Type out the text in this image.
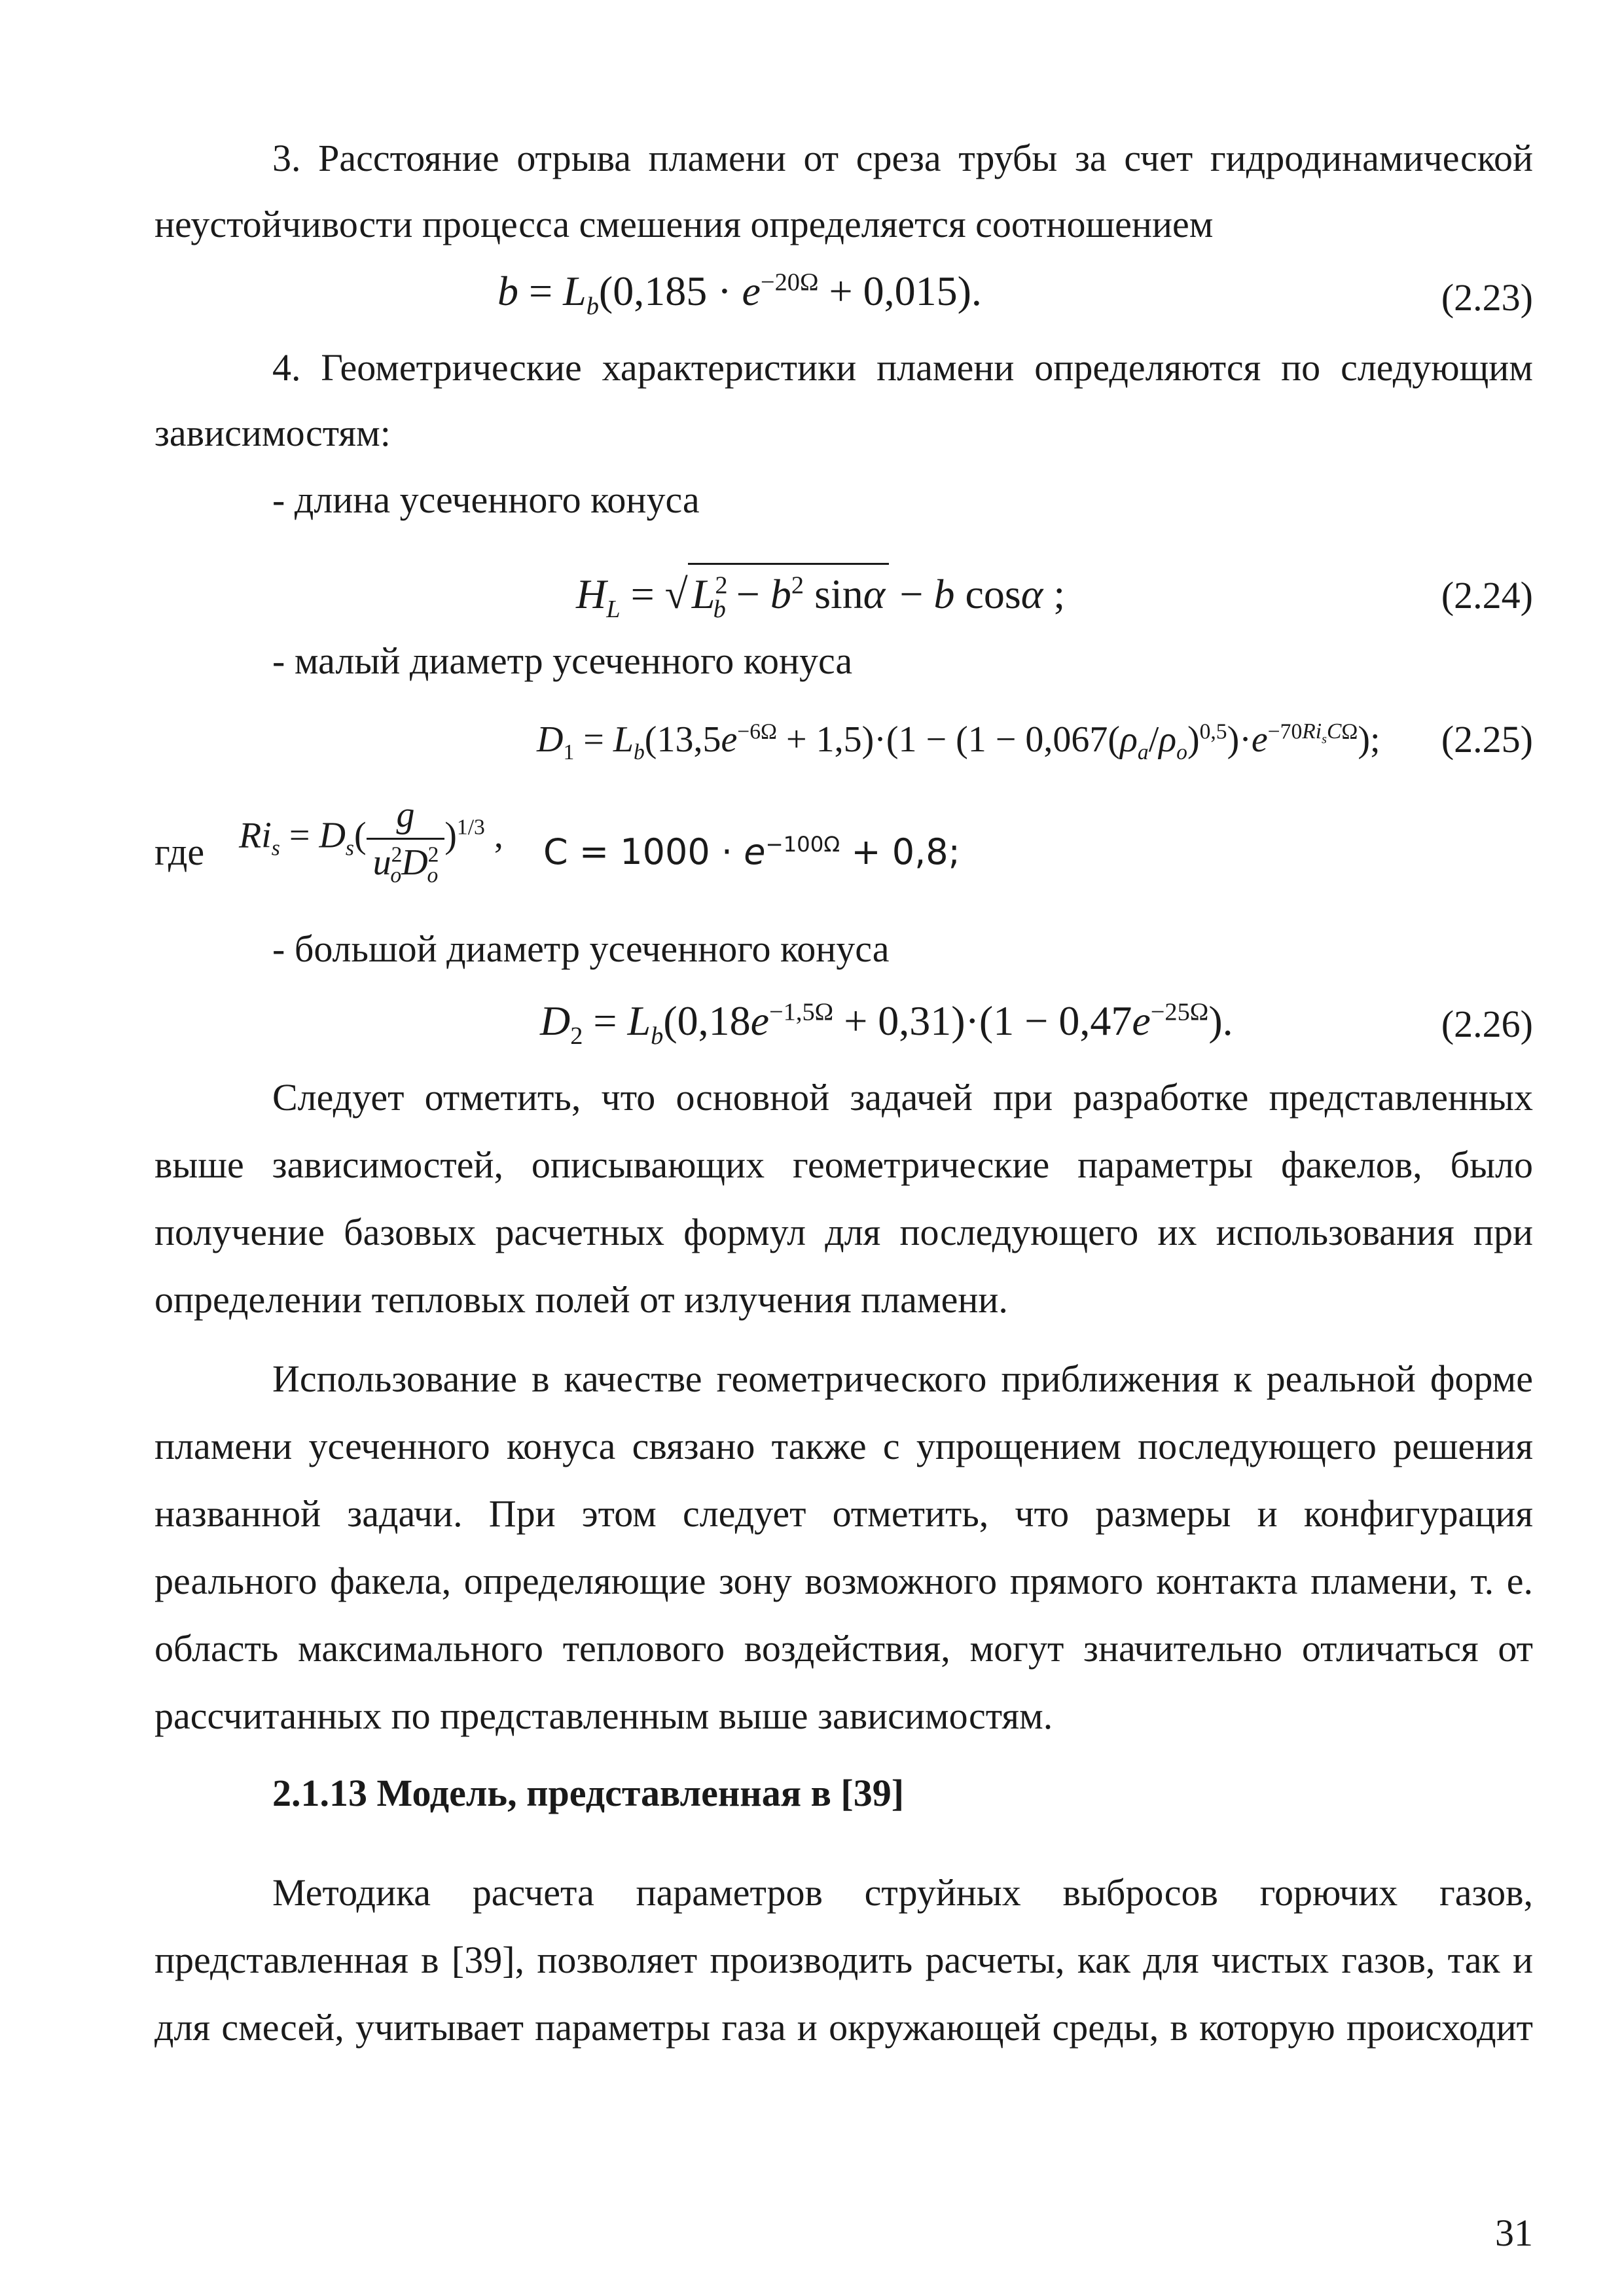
3. Расстояние отрыва пламени от среза трубы за счет гидродинамической

неустойчивости процесса смешения определяется соотношением
$b = L_b(0,185 \cdot e^{-20\Omega} + 0,015)$.	(2.23)

4. Геометрические характеристики пламени определяются по следующим

зависимостям:
- длина усеченного конуса
$H_L = √L^2_b - b^2$ sinα − b cosα ;	(2.24)
- малый диаметр усеченного конуса
$D_1 = L_b(13,5e^{-6\Omega} + 1,5)\cdot(1 - (1 - 0,067(\rho_a/\rho_o)^{0,5})\cdot e^{-70Ri_sC\Omega})$; (2.25)
где $Ri_s = D_s( \frac{g}{u^2_oD^2_o} )^{1/3}$ , $С = 1000 \cdot e^{-100\Omega} + 0,8$;
- большой диаметр усеченного конуса
$D_2 = L_b(0,18e^{-1,5\Omega} + 0,31)\cdot(1 - 0,47e^{-25\Omega})$.	(2.26)

Следует отметить, что основной задачей при разработке представленных выше зависимостей, описывающих геометрические параметры факелов, было получение базовых расчетных формул для последующего их использования при определении тепловых полей от излучения пламени.

Использование в качестве геометрического приближения к реальной форме пламени усеченного конуса связано также с упрощением последующего решения названной задачи. При этом следует отметить, что размеры и конфигурация реального факела, определяющие зону возможного прямого контакта пламени, т. е. область максимального теплового воздействия, могут значительно отличаться от рассчитанных по представленным выше зависимостям.

2.1.13 Модель, представленная в [39]

Методика расчета параметров струйных выбросов горючих газов, представленная в [39], позволяет производить расчеты, как для чистых газов, так и для смесей, учитывает параметры газа и окружающей среды, в которую происходит

31
